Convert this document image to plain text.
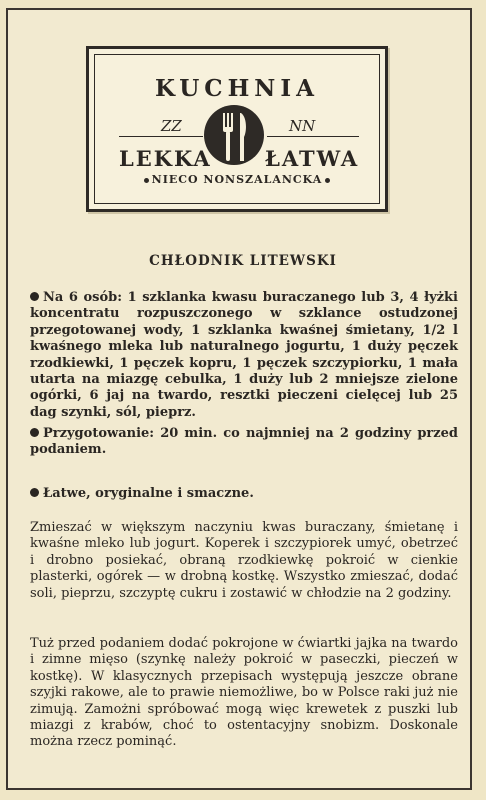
KUCHNIA
ZZ	NN
LEKKA	ŁATWA
NIECO NONSZALANCKA
CHŁODNIK LITEWSKI

Na 6 osób: 1 szklanka kwasu buraczanego lub 3, 4 łyżki koncentratu rozpuszczonego w szklance ostudzonej przegotowanej wody, 1 szklanka kwaśnej śmietany, 1/2 l kwaśnego mleka lub naturalnego jogurtu, 1 duży pęczek rzodkiewki, 1 pęczek kopru, 1 pęczek szczypiorku, 1 mała utarta na miazgę cebulka, 1 duży lub 2 mniejsze zielone ogórki, 6 jaj na twardo, resztki pieczeni cielęcej lub 25 dag szynki, sól, pieprz.

Przygotowanie: 20 min. co najmniej na 2 godziny przed podaniem.

Łatwe, oryginalne i smaczne.

Zmieszać w większym naczyniu kwas buraczany, śmietanę i kwaśne mleko lub jogurt. Koperek i szczypiorek umyć, obetrzeć i drobno posiekać, obraną rzodkiewkę pokroić w cienkie plasterki, ogórek — w drobną kostkę. Wszystko zmieszać, dodać soli, pieprzu, szczyptę cukru i zostawić w chłodzie na 2 godziny.

Tuż przed podaniem dodać pokrojone w ćwiartki jajka na twardo i zimne mięso (szynkę należy pokroić w paseczki, pieczeń w kostkę). W klasycznych przepisach występują jeszcze obrane szyjki rakowe, ale to prawie niemożliwe, bo w Polsce raki już nie zimują. Zamożni spróbować mogą więc krewetek z puszki lub miazgi z krabów, choć to ostentacyjny snobizm. Doskonale można rzecz pominąć.
